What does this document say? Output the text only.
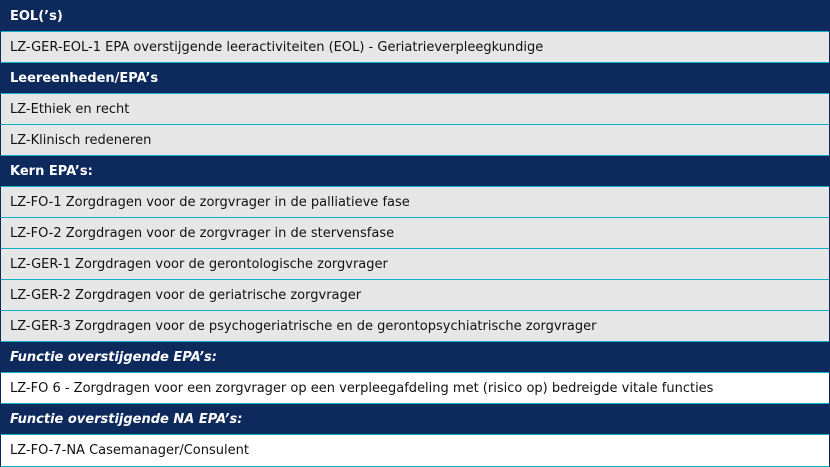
EOL(’s)
LZ-GER-EOL-1 EPA overstijgende leeractiviteiten (EOL) - Geriatrieverpleegkundige
Leereenheden/EPA’s
LZ-Ethiek en recht
LZ-Klinisch redeneren
Kern EPA’s:
LZ-FO-1 Zorgdragen voor de zorgvrager in de palliatieve fase
LZ-FO-2 Zorgdragen voor de zorgvrager in de stervensfase
LZ-GER-1 Zorgdragen voor de gerontologische zorgvrager
LZ-GER-2 Zorgdragen voor de geriatrische zorgvrager
LZ-GER-3 Zorgdragen voor de psychogeriatrische en de gerontopsychiatrische zorgvrager
Functie overstijgende EPA’s:
LZ-FO 6 - Zorgdragen voor een zorgvrager op een verpleegafdeling met (risico op) bedreigde vitale functies
Functie overstijgende NA EPA’s:
LZ-FO-7-NA Casemanager/Consulent
